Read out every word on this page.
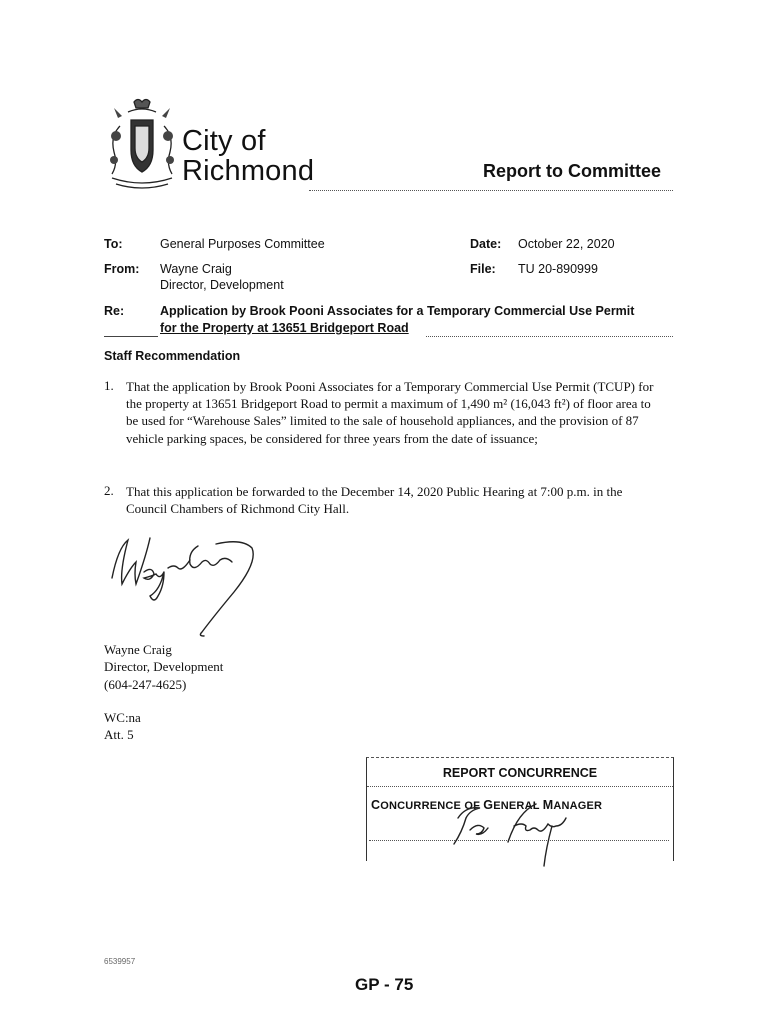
City of
Richmond	Report to Committee
To:	General Purposes Committee	Date: October 22, 2020
From: Wayne Craig
Director, Development
File: TU 20-890999
Re:	Application by Brook Pooni Associates for a Temporary Commercial Use Permit
for the Property at 13651 Bridgeport Road
Staff Recommendation
1. That the application by Brook Pooni Associates for a Temporary Commercial Use Permit (TCUP) for the property at 13651 Bridgeport Road to permit a maximum of 1,490 m² (16,043 ft²) of floor area to be used for “Warehouse Sales” limited to the sale of household appliances, and the provision of 87 vehicle parking spaces, be considered for three years from the date of issuance;
2. That this application be forwarded to the December 14, 2020 Public Hearing at 7:00 p.m. in the Council Chambers of Richmond City Hall.
Wayne Craig
Director, Development
(604-247-4625)
WC:na
Att. 5
REPORT CONCURRENCE
CONCURRENCE OF GENERAL MANAGER
6539957
GP - 75
